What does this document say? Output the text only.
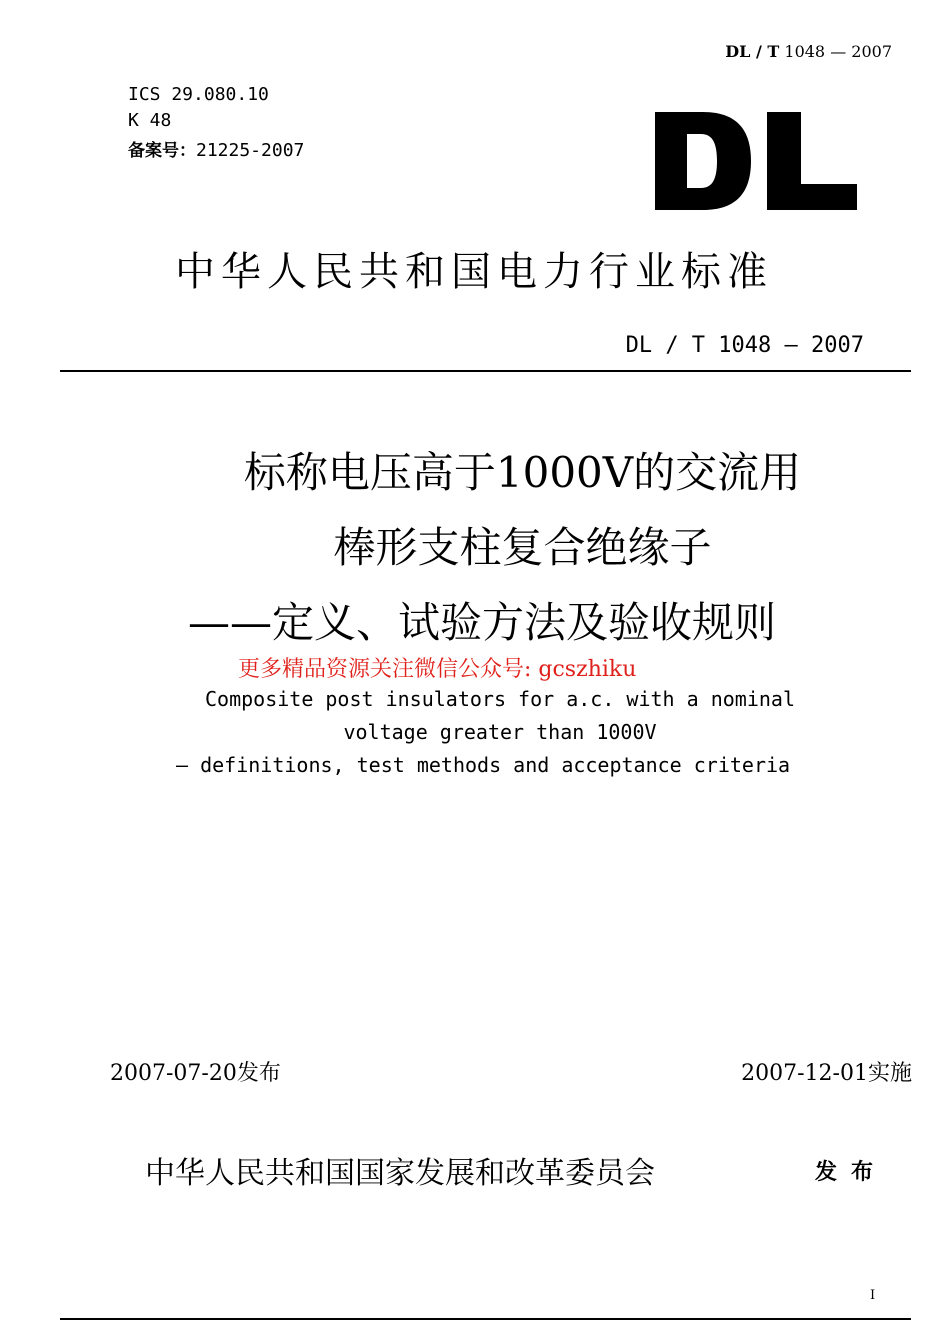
DL / T 1048 — 2007
ICS 29.080.10
K 48
备案号：21225-2007
中华人民共和国电力行业标准
DL / T 1048 — 2007
标称电压高于1000V的交流用
棒形支柱复合绝缘子
——定义、试验方法及验收规则
更多精品资源关注微信公众号: gcszhiku
Composite post insulators for a.c. with a nominal
voltage greater than 1000V
— definitions, test methods and acceptance criteria
2007-07-20发布	2007-12-01实施
中华人民共和国国家发展和改革委员会	发布
I
